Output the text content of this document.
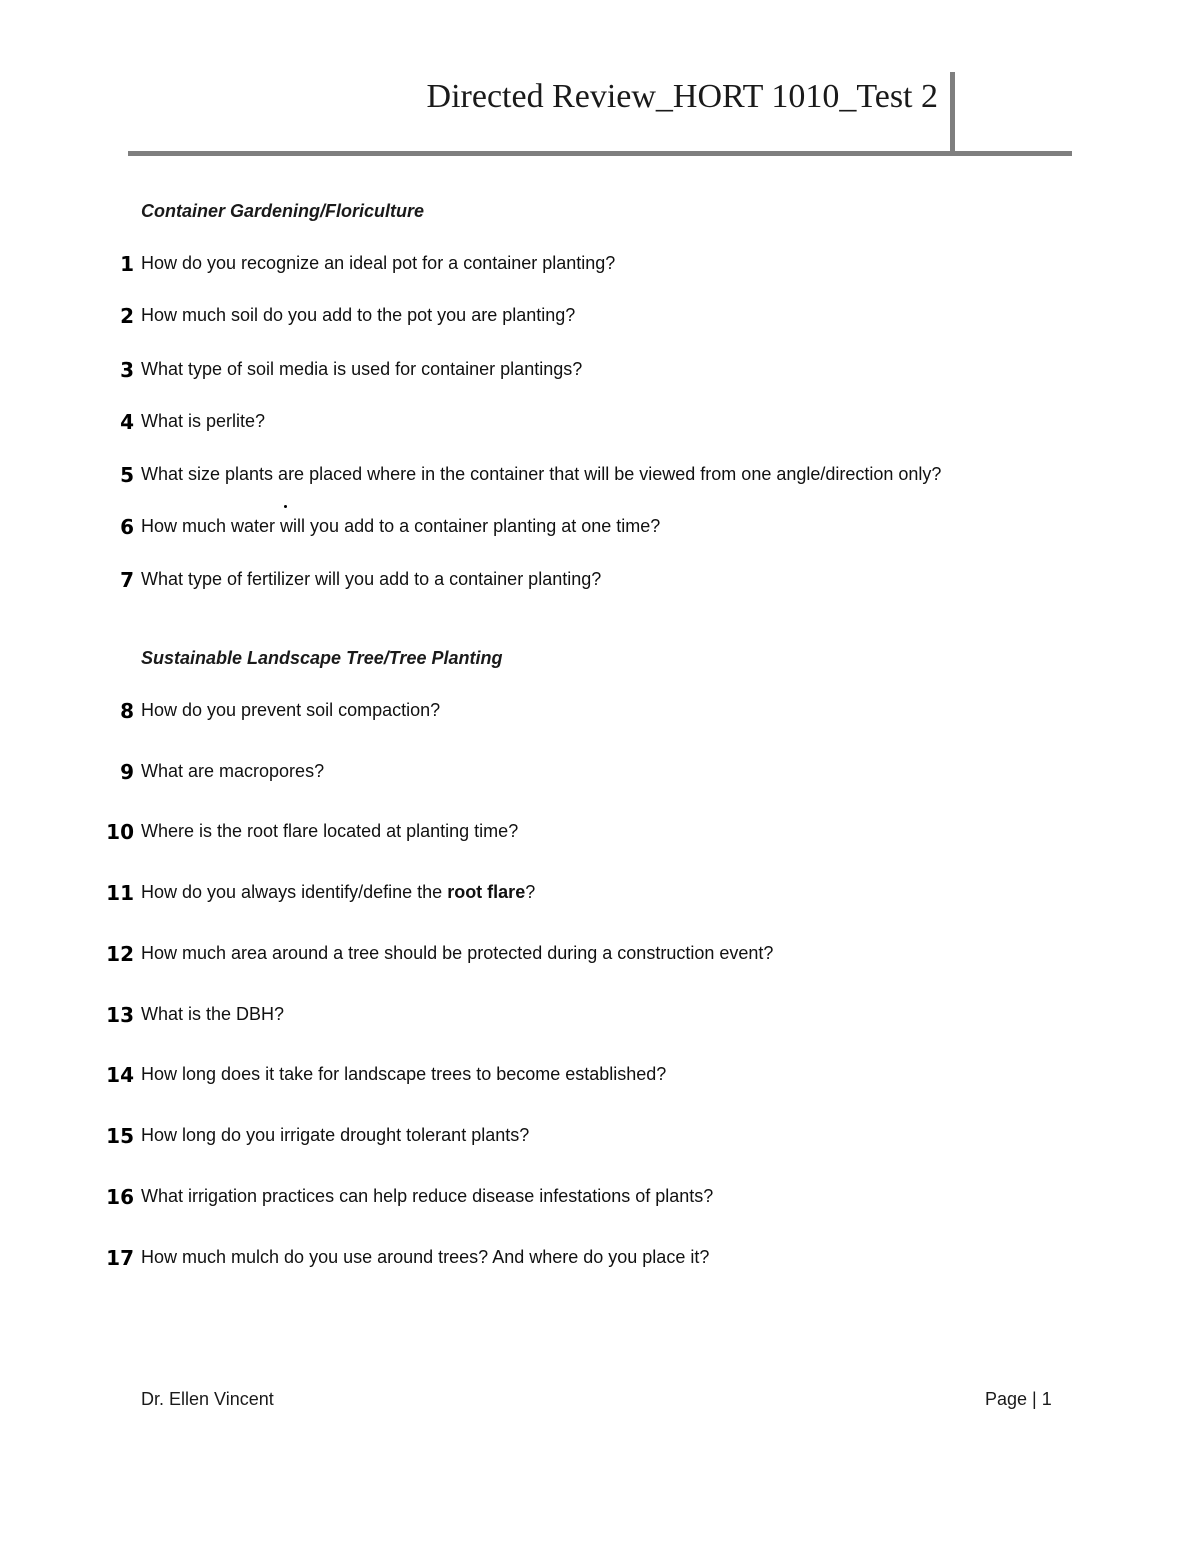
Directed Review_HORT 1010_Test 2
Container Gardening/Floriculture
1 How do you recognize an ideal pot for a container planting?
2 How much soil do you add to the pot you are planting?
3 What type of soil media is used for container plantings?
4 What is perlite?
5 What size plants are placed where in the container that will be viewed from one angle/direction only?
6 How much water will you add to a container planting at one time?
7 What type of fertilizer will you add to a container planting?
Sustainable Landscape Tree/Tree Planting
8 How do you prevent soil compaction?
9 What are macropores?
10 Where is the root flare located at planting time?
11 How do you always identify/define the root flare?
12 How much area around a tree should be protected during a construction event?
13 What is the DBH?
14 How long does it take for landscape trees to become established?
15 How long do you irrigate drought tolerant plants?
16 What irrigation practices can help reduce disease infestations of plants?
17 How much mulch do you use around trees? And where do you place it?
Dr. Ellen Vincent	Page | 1
